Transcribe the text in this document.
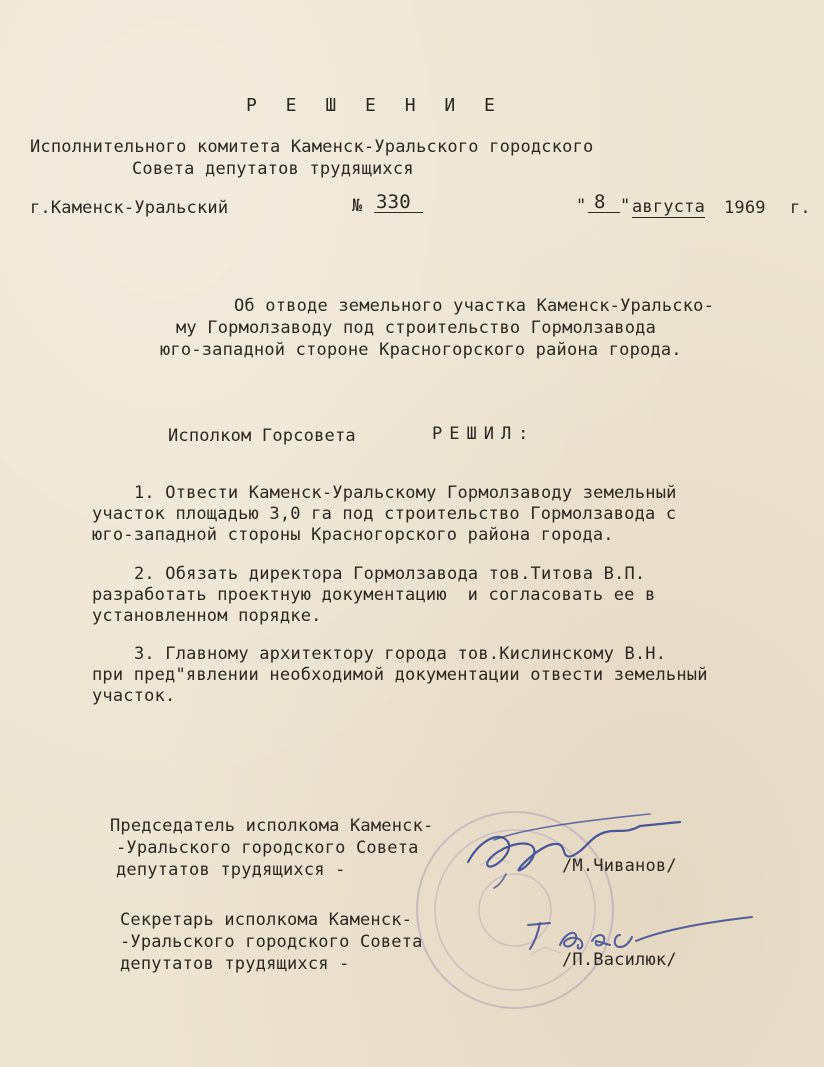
Р Е Ш Е Н И Е
Исполнительного комитета Каменск-Уральского городского
Совета депутатов трудящихся
г.Каменск-Уральский	№ 330	" 8 " августа 1969 г.
Об отводе земельного участка Каменск-Уральско-
му Гормолзаводу под строительство Гормолзавода
юго-западной стороне Красногорского района города.
Исполком Горсовета	РЕШИЛ:
1. Отвести Каменск-Уральскому Гормолзаводу земельный
участок площадью 3,0 га под строительство Гормолзавода с
юго-западной стороны Красногорского района города.
2. Обязать директора Гормолзавода тов.Титова В.П.
разработать проектную документацию  и согласовать ее в
установленном порядке.
3. Главному архитектору города тов.Кислинскому В.Н.
при пред"явлении необходимой документации отвести земельный
участок.
Председатель исполкома Каменск-
-Уральского городского Совета
депутатов трудящихся -	/М.Чиванов/
Секретарь исполкома Каменск-
-Уральского городского Совета
депутатов трудящихся -	/П.Василюк/
